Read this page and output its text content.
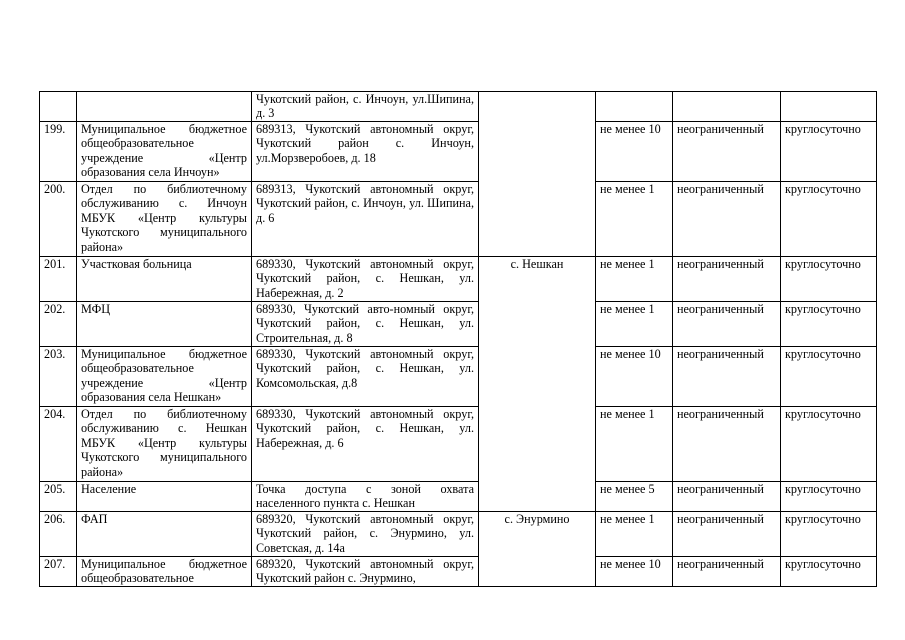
		Чукотский район, с. Инчоун, ул.Шипина, д. 3				
199.	Муниципальное бюджетное общеобразовательное учреждение «Центр образования села Инчоун»	689313, Чукотский автономный округ, Чукотский район с. Инчоун, ул.Морзверобоев, д. 18		не менее 10	неограниченный	круглосуточно
200.	Отдел по библиотечному обслуживанию с. Инчоун МБУК «Центр культуры Чукотского муниципального района»	689313, Чукотский автономный округ, Чукотский район, с. Инчоун, ул. Шипина, д. 6		не менее 1	неограниченный	круглосуточно
201.	Участковая больница	689330, Чукотский автономный округ, Чукотский район, с. Нешкан, ул. Набережная, д. 2	с. Нешкан	не менее 1	неограниченный	круглосуточно
202.	МФЦ	689330, Чукотский авто-номный округ, Чукотский район, с. Нешкан, ул. Строительная, д. 8		не менее 1	неограниченный	круглосуточно
203.	Муниципальное бюджетное общеобразовательное учреждение «Центр образования села Нешкан»	689330, Чукотский автономный округ, Чукотский район, с. Нешкан, ул. Комсомольская, д.8		не менее 10	неограниченный	круглосуточно
204.	Отдел по библиотечному обслуживанию с. Нешкан МБУК «Центр культуры Чукотского муниципального района»	689330, Чукотский автономный округ, Чукотский район, с. Нешкан, ул. Набережная, д. 6		не менее 1	неограниченный	круглосуточно
205.	Население	Точка доступа с зоной охвата населенного пункта с. Нешкан		не менее 5	неограниченный	круглосуточно
206.	ФАП	689320, Чукотский автономный округ, Чукотский район, с. Энурмино, ул. Советская, д. 14а	с. Энурмино	не менее 1	неограниченный	круглосуточно
207.	Муниципальное бюджетное общеобразовательное	689320, Чукотский автономный округ, Чукотский район с. Энурмино,		не менее 10	неограниченный	круглосуточно
